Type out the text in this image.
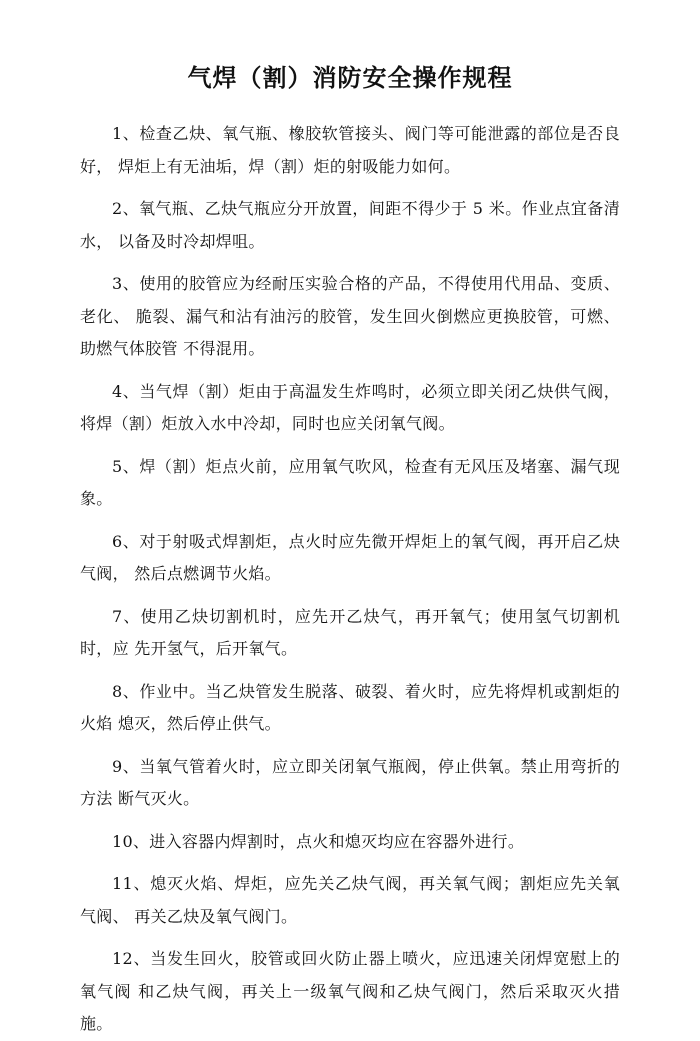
气焊（割）消防安全操作规程
1、检查乙炔、氧气瓶、橡胶软管接头、阀门等可能泄露的部位是否良好， 焊炬上有无油垢，焊（割）炬的射吸能力如何。
2、氧气瓶、乙炔气瓶应分开放置，间距不得少于 5 米。作业点宜备清水， 以备及时冷却焊咀。
3、使用的胶管应为经耐压实验合格的产品，不得使用代用品、变质、老化、 脆裂、漏气和沾有油污的胶管，发生回火倒燃应更换胶管，可燃、助燃气体胶管 不得混用。
4、当气焊（割）炬由于高温发生炸鸣时，必须立即关闭乙炔供气阀，将焊（割）炬放入水中冷却，同时也应关闭氧气阀。
5、焊（割）炬点火前，应用氧气吹风，检查有无风压及堵塞、漏气现象。
6、对于射吸式焊割炬，点火时应先微开焊炬上的氧气阀，再开启乙炔气阀， 然后点燃调节火焰。
7、使用乙炔切割机时，应先开乙炔气，再开氧气；使用氢气切割机时，应 先开氢气，后开氧气。
8、作业中。当乙炔管发生脱落、破裂、着火时，应先将焊机或割炬的火焰 熄灭，然后停止供气。
9、当氧气管着火时，应立即关闭氧气瓶阀，停止供氧。禁止用弯折的方法 断气灭火。
10、进入容器内焊割时，点火和熄灭均应在容器外进行。
11、熄灭火焰、焊炬，应先关乙炔气阀，再关氧气阀；割炬应先关氧气阀、 再关乙炔及氧气阀门。
12、当发生回火，胶管或回火防止器上喷火，应迅速关闭焊宽慰上的氧气阀 和乙炔气阀，再关上一级氧气阀和乙炔气阀门，然后采取灭火措施。
